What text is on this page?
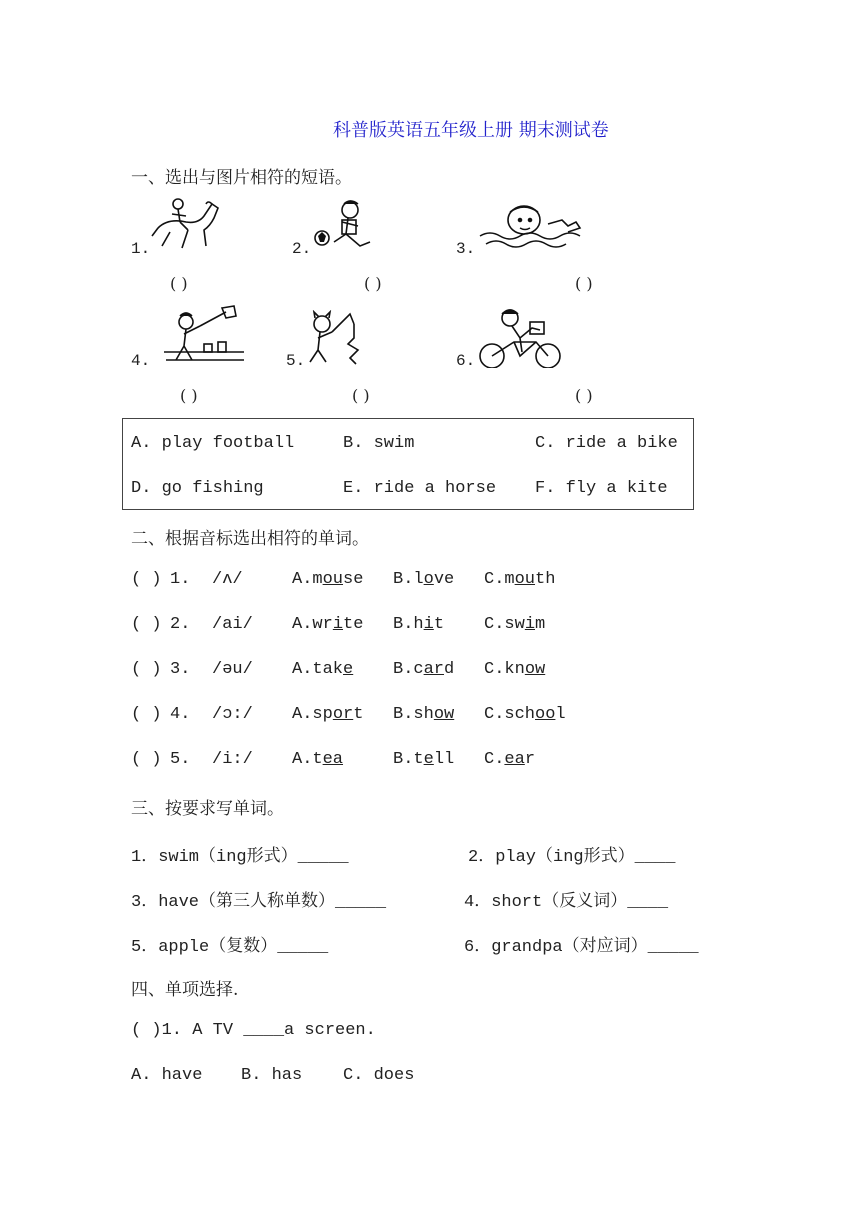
科普版英语五年级上册 期末测试卷
一、选出与图片相符的短语。
1.
( )
2.
( )
3.
( )
4.
( )
5.
( )
6.
( )
A. play football	B. swim	C. ride a bike
D. go fishing	E. ride a horse F. fly a kite
二、根据音标选出相符的单词。
( ) 1. /ʌ/	A.mouse B.love C.mouth
( ) 2. /ai/ A.write B.hit C.swim
( ) 3. /əu/ A.take B.card C.know
( ) 4. /ɔ:/ A.sport B.show C.school
( ) 5. /i:/ A.tea	B.tell C.ear
三、按要求写单词。
1．swim（ing形式）_____	2．play（ing形式）____
3．have（第三人称单数）_____	4．short（反义词）____
5．apple（复数）_____	6．grandpa（对应词）_____
四、单项选择.
( )1. A TV ____a screen.
A. have B. has C. does
